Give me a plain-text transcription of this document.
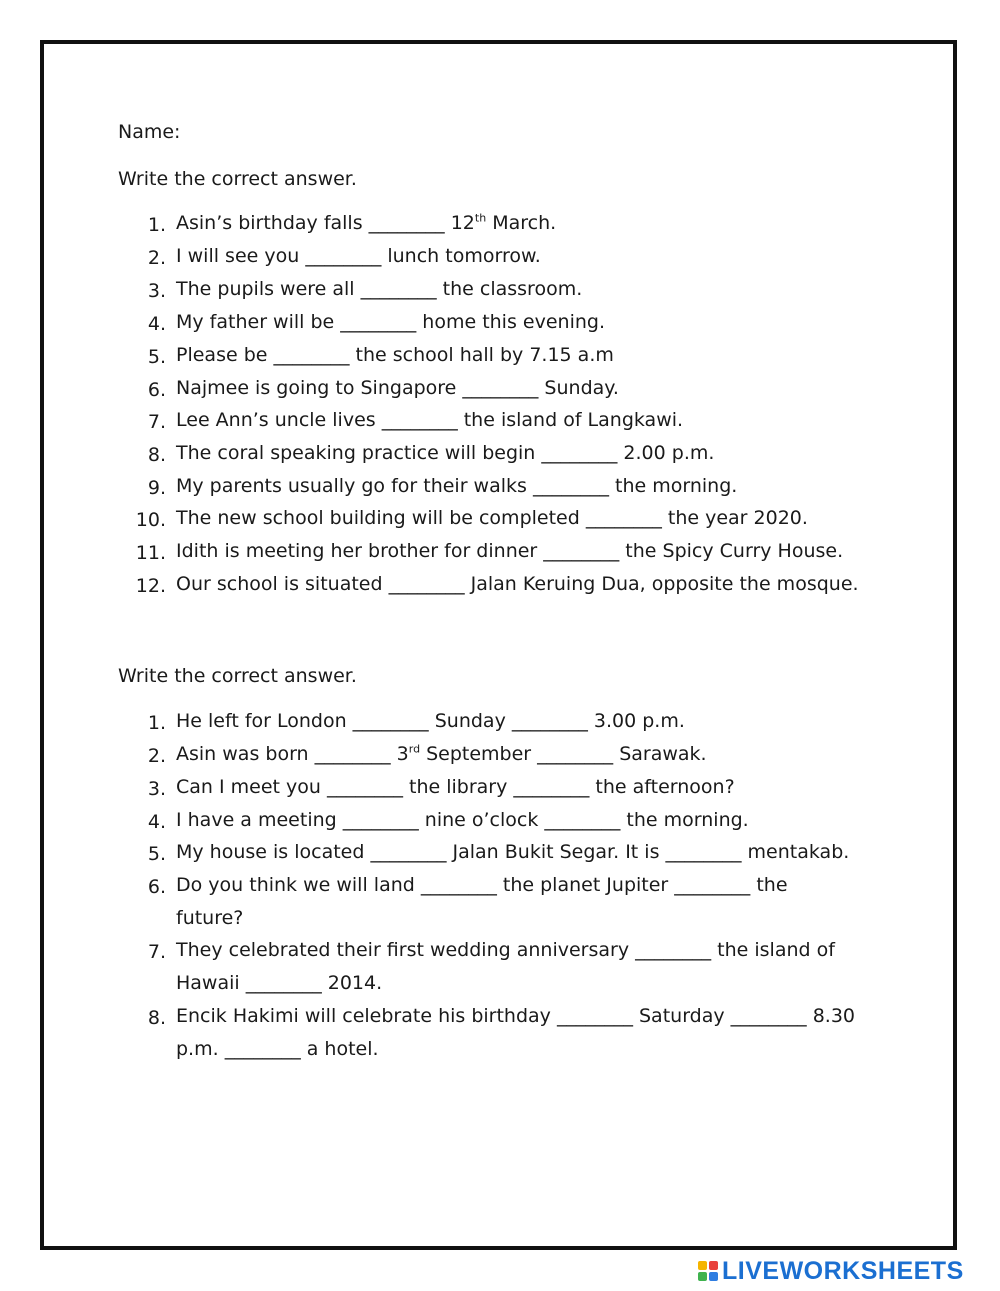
Name:
Write the correct answer.
1. Asin’s birthday falls ________ 12th March.
2. I will see you ________ lunch tomorrow.
3. The pupils were all ________ the classroom.
4. My father will be ________ home this evening.
5. Please be ________ the school hall by 7.15 a.m
6. Najmee is going to Singapore ________ Sunday.
7. Lee Ann’s uncle lives ________ the island of Langkawi.
8. The coral speaking practice will begin ________ 2.00 p.m.
9. My parents usually go for their walks ________ the morning.
10. The new school building will be completed ________ the year 2020.
11. Idith is meeting her brother for dinner ________ the Spicy Curry House.
12. Our school is situated ________ Jalan Keruing Dua, opposite the mosque.
Write the correct answer.
1. He left for London ________ Sunday ________ 3.00 p.m.
2. Asin was born ________ 3rd September ________ Sarawak.
3. Can I meet you ________ the library ________ the afternoon?
4. I have a meeting ________ nine o’clock ________ the morning.
5. My house is located ________ Jalan Bukit Segar. It is ________ mentakab.
6. Do you think we will land ________ the planet Jupiter ________ the
future?
7. They celebrated their first wedding anniversary ________ the island of
Hawaii ________ 2014.
8. Encik Hakimi will celebrate his birthday ________ Saturday ________ 8.30
p.m. ________ a hotel.
LIVEWORKSHEETS
